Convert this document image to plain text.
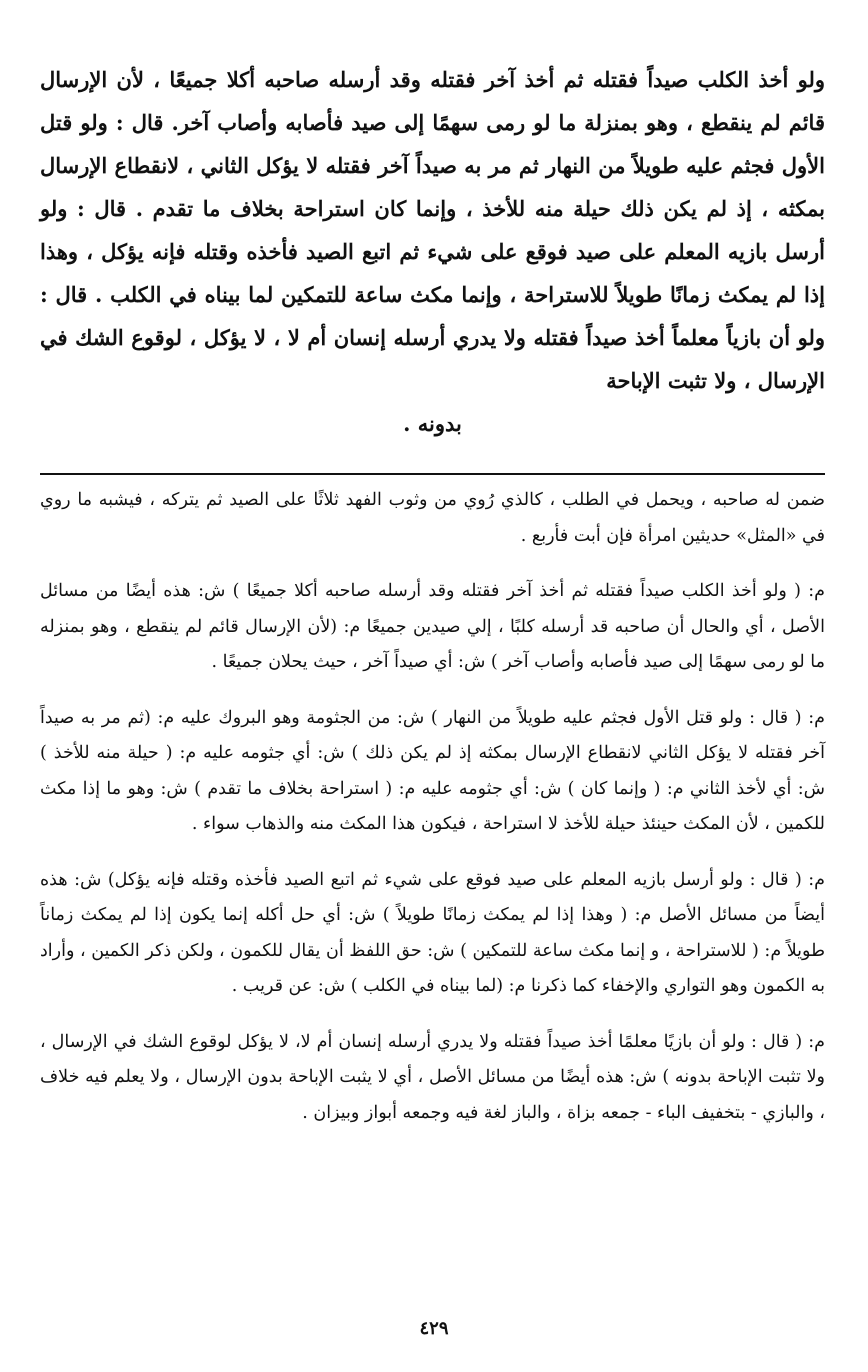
ولو أخذ الكلب صيداً فقتله ثم أخذ آخر فقتله وقد أرسله صاحبه أكلا جميعًا ، لأن الإرسال قائم لم ينقطع ، وهو بمنزلة ما لو رمى سهمًا إلى صيد فأصابه وأصاب آخر. قال : ولو قتل الأول فجثم عليه طويلاً من النهار ثم مر به صيداً آخر فقتله لا يؤكل الثاني ، لانقطاع الإرسال بمكثه ، إذ لم يكن ذلك حيلة منه للأخذ ، وإنما كان استراحة بخلاف ما تقدم . قال : ولو أرسل بازيه المعلم على صيد فوقع على شيء ثم اتبع الصيد فأخذه وقتله فإنه يؤكل ، وهذا إذا لم يمكث زمانًا طويلاً للاستراحة ، وإنما مكث ساعة للتمكين لما بيناه في الكلب . قال : ولو أن بازياً معلماً أخذ صيداً فقتله ولا يدري أرسله إنسان أم لا ، لا يؤكل ، لوقوع الشك في الإرسال ، ولا تثبت الإباحة

بدونه .

ضمن له صاحبه ، ويحمل في الطلب ، كالذي رُوي من وثوب الفهد ثلاثًا على الصيد ثم يتركه ، فيشبه ما روي في «المثل» حديثين امرأة فإن أبت فأربع .

م: ( ولو أخذ الكلب صيداً فقتله ثم أخذ آخر فقتله وقد أرسله صاحبه أكلا جميعًا ) ش: هذه أيضًا من مسائل الأصل ، أي والحال أن صاحبه قد أرسله كلبًا ، إلي صيدين جميعًا م: (لأن الإرسال قائم لم ينقطع ، وهو بمنزله ما لو رمى سهمًا إلى صيد فأصابه وأصاب آخر ) ش: أي صيداً آخر ، حيث يحلان جميعًا .

م: ( قال : ولو قتل الأول فجثم عليه طويلاً من النهار ) ش: من الجثومة وهو البروك عليه م: (ثم مر به صيداً آخر فقتله لا يؤكل الثاني لانقطاع الإرسال بمكثه إذ لم يكن ذلك ) ش: أي جثومه عليه م: ( حيلة منه للأخذ ) ش: أي لأخذ الثاني م: ( وإنما كان ) ش: أي جثومه عليه م: ( استراحة بخلاف ما تقدم ) ش: وهو ما إذا مكث للكمين ، لأن المكث حينئذ حيلة للأخذ لا استراحة ، فيكون هذا المكث منه والذهاب سواء .

م: ( قال : ولو أرسل بازيه المعلم على صيد فوقع على شيء ثم اتبع الصيد فأخذه وقتله فإنه يؤكل) ش: هذه أيضاً من مسائل الأصل م: ( وهذا إذا لم يمكث زمانًا طويلاً ) ش: أي حل أكله إنما يكون إذا لم يمكث زماناً طويلاً م: ( للاستراحة ، و إنما مكث ساعة للتمكين ) ش: حق اللفظ أن يقال للكمون ، ولكن ذكر الكمين ، وأراد به الكمون وهو التواري والإخفاء كما ذكرنا م: (لما بيناه في الكلب ) ش: عن قريب .

م: ( قال : ولو أن بازيًا معلمًا أخذ صيداً فقتله ولا يدري أرسله إنسان أم لا، لا يؤكل لوقوع الشك في الإرسال ، ولا تثبت الإباحة بدونه ) ش: هذه أيضًا من مسائل الأصل ، أي لا يثبت الإباحة بدون الإرسال ، ولا يعلم فيه خلاف ، والبازي - بتخفيف الباء - جمعه بزاة ، والباز لغة فيه وجمعه أبواز وبيزان .

٤٢٩
